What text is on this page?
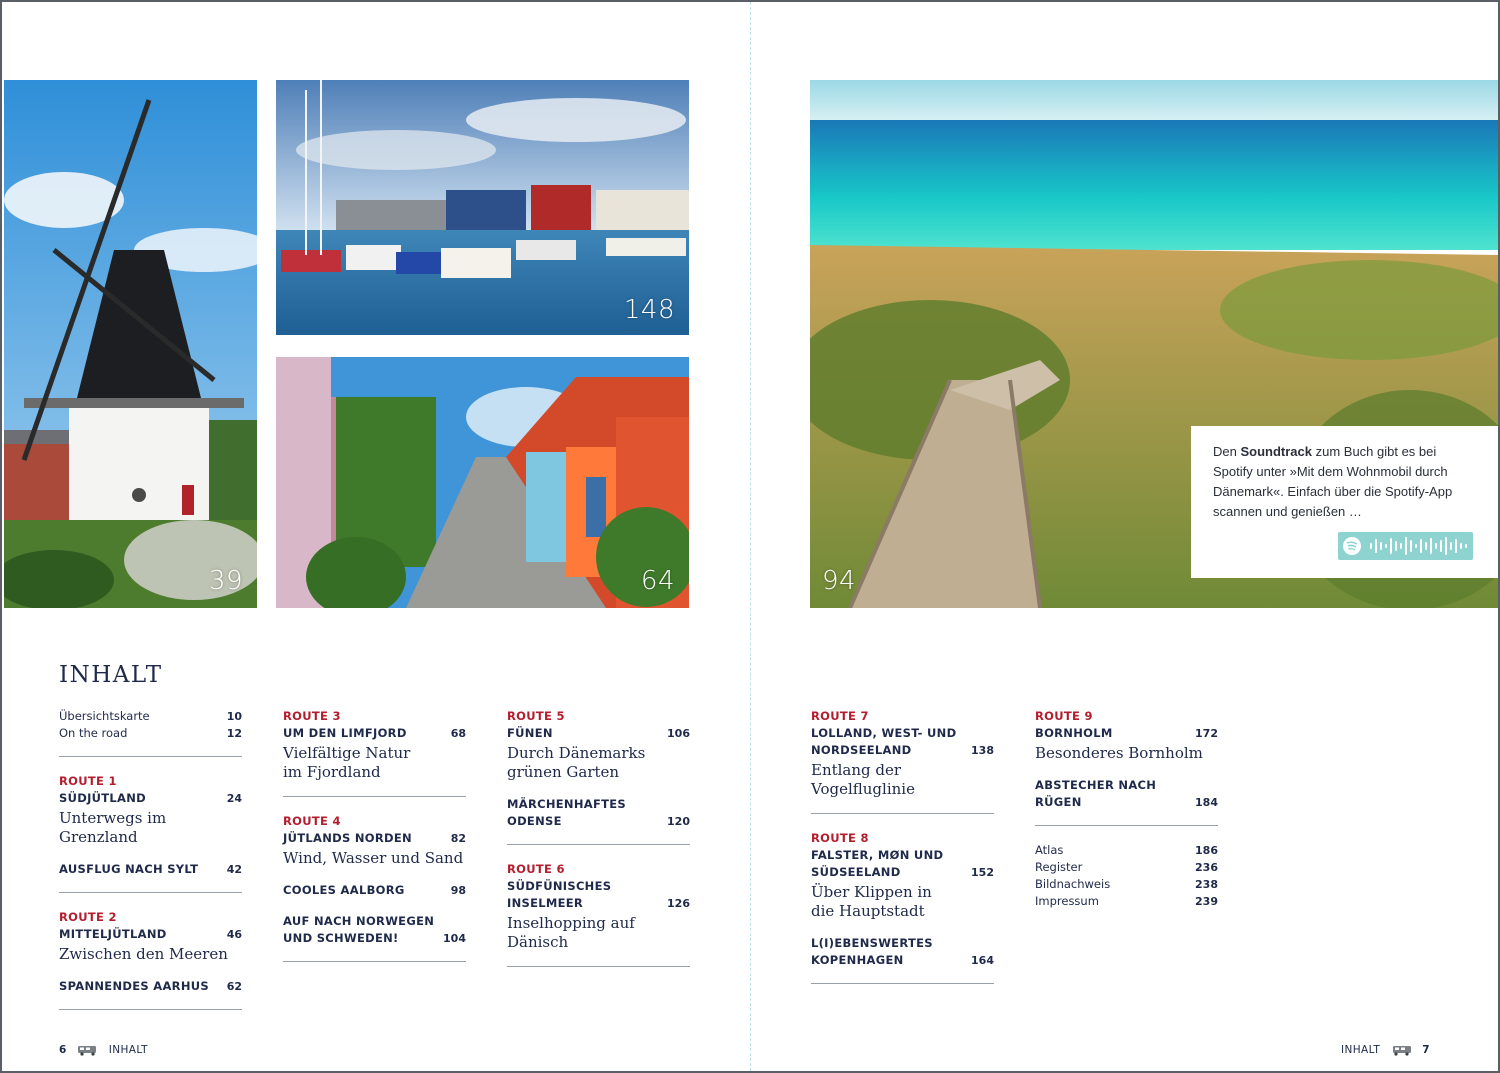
39
148
64	94

Den Soundtrack zum Buch gibt es bei Spotify unter »Mit dem Wohnmobil durch Dänemark«. Einfach über die Spotify-App scannen und genießen …

INHALT
Übersichtskarte	10
On the road	12
ROUTE 1
SÜDJÜTLAND	24
Unterwegs im Grenzland
AUSFLUG NACH SYLT	42
ROUTE 2
MITTELJÜTLAND	46
Zwischen den Meeren
SPANNENDES AARHUS 62
ROUTE 3
UM DEN LIMFJORD	68
Vielfältige Natur
im Fjordland
ROUTE 4
JÜTLANDS NORDEN	82
Wind, Wasser und Sand
COOLES AALBORG	98
AUF NACH NORWEGEN
UND SCHWEDEN!	104
ROUTE 5
FÜNEN	106
Durch Dänemarks
grünen Garten
MÄRCHENHAFTES
ODENSE	120
ROUTE 6
SÜDFÜNISCHES
INSELMEER	126
Inselhopping auf Dänisch
ROUTE 7
LOLLAND, WEST- UND
NORDSEELAND	138
Entlang der
Vogelfluglinie
ROUTE 8
FALSTER, MØN UND
SÜDSEELAND	152
Über Klippen in
die Hauptstadt
L(I)EBENSWERTES
KOPENHAGEN	164
ROUTE 9
BORNHOLM	172
Besonderes Bornholm
ABSTECHER NACH
RÜGEN	184
Atlas	186
Register	236
Bildnachweis	238
Impressum	239
6	INHALT	INHALT	7
